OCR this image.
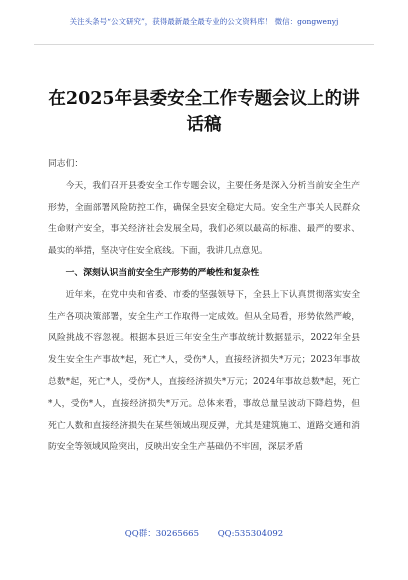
关注头条号“公文研究”，获得最新最全最专业的公文资料库！ 微信：gongwenyj
在2025年县委安全工作专题会议上的讲话稿

同志们：

今天，我们召开县委安全工作专题会议，主要任务是深入分析当前安全生产形势，全面部署风险防控工作，确保全县安全稳定大局。安全生产事关人民群众生命财产安全，事关经济社会发展全局，我们必须以最高的标准、最严的要求、最实的举措，坚决守住安全底线。下面，我讲几点意见。

一、深刻认识当前安全生产形势的严峻性和复杂性

近年来，在党中央和省委、市委的坚强领导下，全县上下认真贯彻落实安全生产各项决策部署，安全生产工作取得一定成效。但从全局看，形势依然严峻，风险挑战不容忽视。根据本县近三年安全生产事故统计数据显示，2022年全县发生安全生产事故*起，死亡*人，受伤*人，直接经济损失*万元；2023年事故总数*起，死亡*人，受伤*人，直接经济损失*万元；2024年事故总数*起，死亡*人，受伤*人，直接经济损失*万元。总体来看，事故总量呈波动下降趋势，但死亡人数和直接经济损失在某些领域出现反弹，尤其是建筑施工、道路交通和消防安全等领域风险突出，反映出安全生产基础仍不牢固，深层矛盾

QQ群：30265665 QQ:535304092
